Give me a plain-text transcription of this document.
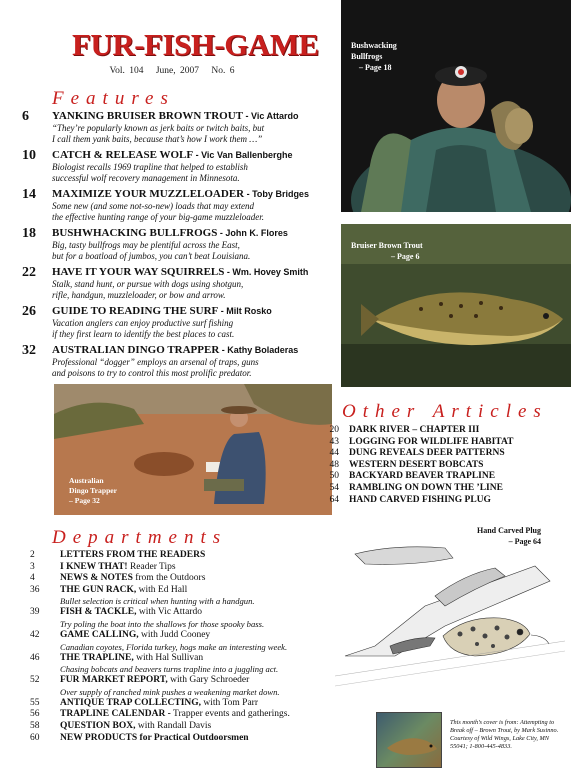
FUR-FISH-GAME
Vol. 104 June, 2007 No. 6
Features
6	YANKING BRUISER BROWN TROUT - Vic Attardo
“They’re popularly known as jerk baits or twitch baits, but
I call them yank baits, because that’s how I work them …”
10	CATCH & RELEASE WOLF - Vic Van Ballenberghe
Biologist recalls 1969 trapline that helped to establish
successful wolf recovery management in Minnesota.
14	MAXIMIZE YOUR MUZZLELOADER - Toby Bridges
Some new (and some not-so-new) loads that may extend
the effective hunting range of your big-game muzzleloader.
18	BUSHWHACKING BULLFROGS - John K. Flores
Big, tasty bullfrogs may be plentiful across the East,
but for a boatload of jumbos, you can’t beat Louisiana.
22	HAVE IT YOUR WAY SQUIRRELS - Wm. Hovey Smith
Stalk, stand hunt, or pursue with dogs using shotgun,
rifle, handgun, muzzleloader, or bow and arrow.
26	GUIDE TO READING THE SURF - Milt Rosko
Vacation anglers can enjoy productive surf fishing
if they first learn to identify the best places to cast.
32	AUSTRALIAN DINGO TRAPPER - Kathy Boladeras
Professional “dogger” employs an arsenal of traps, guns
and poisons to try to control this most prolific predator.
Bushwacking
Bullfrogs
– Page 18
Bruiser Brown Trout
– Page 6
Australian
Dingo Trapper
– Page 32
Other Articles
20 DARK RIVER – CHAPTER III
43 LOGGING FOR WILDLIFE HABITAT
44 DUNG REVEALS DEER PATTERNS
48 WESTERN DESERT BOBCATS
50 BACKYARD BEAVER TRAPLINE
54 RAMBLING ON DOWN THE ’LINE
64 HAND CARVED FISHING PLUG
Departments
2	LETTERS FROM THE READERS
3	I KNEW THAT! Reader Tips
4	NEWS & NOTES from the Outdoors
36	THE GUN RACK, with Ed Hall
Bullet selection is critical when hunting with a handgun.
39	FISH & TACKLE, with Vic Attardo
Try poling the boat into the shallows for those spooky bass.
42	GAME CALLING, with Judd Cooney
Canadian coyotes, Florida turkey, hogs make an interesting week.
46	THE TRAPLINE, with Hal Sullivan
Chasing bobcats and beavers turns trapline into a juggling act.
52	FUR MARKET REPORT, with Gary Schroeder
Over supply of ranched mink pushes a weakening market down.
55	ANTIQUE TRAP COLLECTING, with Tom Parr
56	TRAPLINE CALENDAR - Trapper events and gatherings.
58	QUESTION BOX, with Randall Davis
60	NEW PRODUCTS for Practical Outdoorsmen
Hand Carved Plug
– Page 64
This month’s cover is from: Attempting to Break off – Brown Trout, by Mark Susinno. Courtesy of Wild Wings, Lake City, MN 55041; 1-800-445-4833.
